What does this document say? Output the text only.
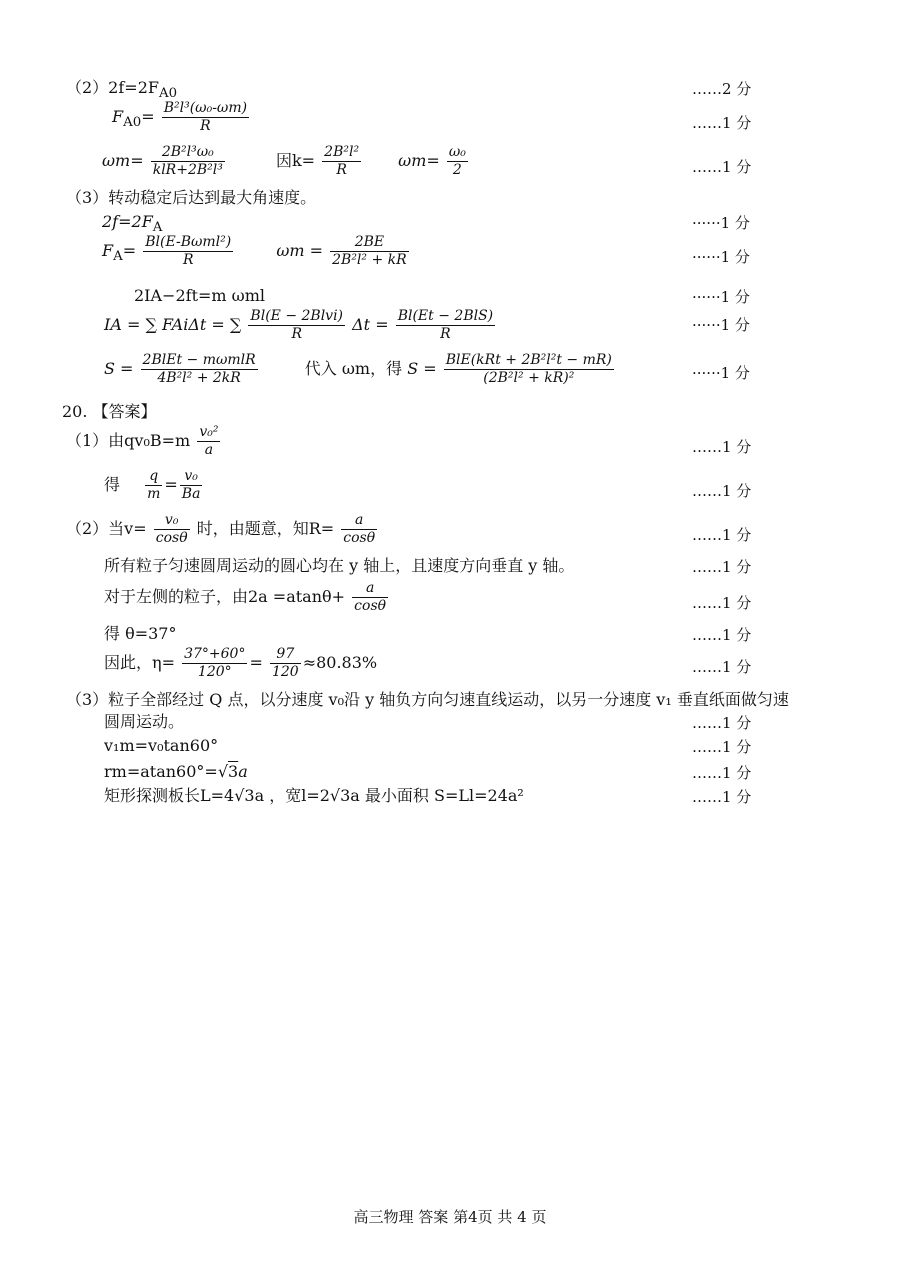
$(2)2f=2F_{A0}$	……2 分
$F_{A0}= \frac{\text{B²l³(ω₀-ωm)}}{R}$	……1 分
$\omega m= \frac{\text{2B²l³ω₀}}{\text{klR+2B²l³}}$	因$k= \frac{\text{2B²l²}}{R} \omega m= \frac{\text{ω₀}}{2}$	……1 分
（3）转动稳定后达到最大角速度。
$2f=2F_A$	······1 分
$F_A= \frac{\text{Bl(E-Bωml²)}}{R}$	$\omega m = \frac{2BE}{\text{2B²l² + kR}}$	······1 分
2IA−2ft=m ωml	······1 分
IA = ∑ FAiΔt = ∑ $\frac{\text{Bl(E − 2Blvi)}}{R}$ $\Delta t = \frac{\text{Bl(Et − 2BlS)}}{R}$	······1 分
$S = \frac{\text{2BlEt − mωmlR}}{\text{4B²l² + 2kR}}$	代入 ωm，得 $S = \frac{\text{BlE(kRt + 2B²l²t − mR)}}{\text{(2B²l² + kR)²}}$	······1 分
20. 【答案】
（1）由$qv_0B=m \frac{\text{v₀²}}{a}$	……1 分
得 $\frac{q}{m} = \frac{\text{v₀}}{Ba}$	……1 分
（2）当$v= \frac{\text{v₀}}{\cos\theta}$ 时，由题意，知$R= \frac{a}{\cos\theta}$	……1 分
所有粒子匀速圆周运动的圆心均在 y 轴上，且速度方向垂直 y 轴。	……1 分
对于左侧的粒子，由$2a =atan\theta+ \frac{a}{\cos\theta}$	……1 分
得 θ=37°	……1 分
因此，$\eta= \frac{37^\circ+60^\circ}{120^\circ} = \frac{97}{120} \approx 80.83\%$	……1 分
（3）粒子全部经过 Q 点，以分速度 v₀沿 y 轴负方向匀速直线运动，以另一分速度 v₁ 垂直纸面做匀速
圆周运动。	……1 分
v₁m=v₀tan60°	……1 分
rm=atan60°=√3a	……1 分
矩形探测板长L=4√3a ，宽l=2√3a 最小面积 S=Ll=24a²	……1 分
高三物理 答案 第4页 共 4 页
